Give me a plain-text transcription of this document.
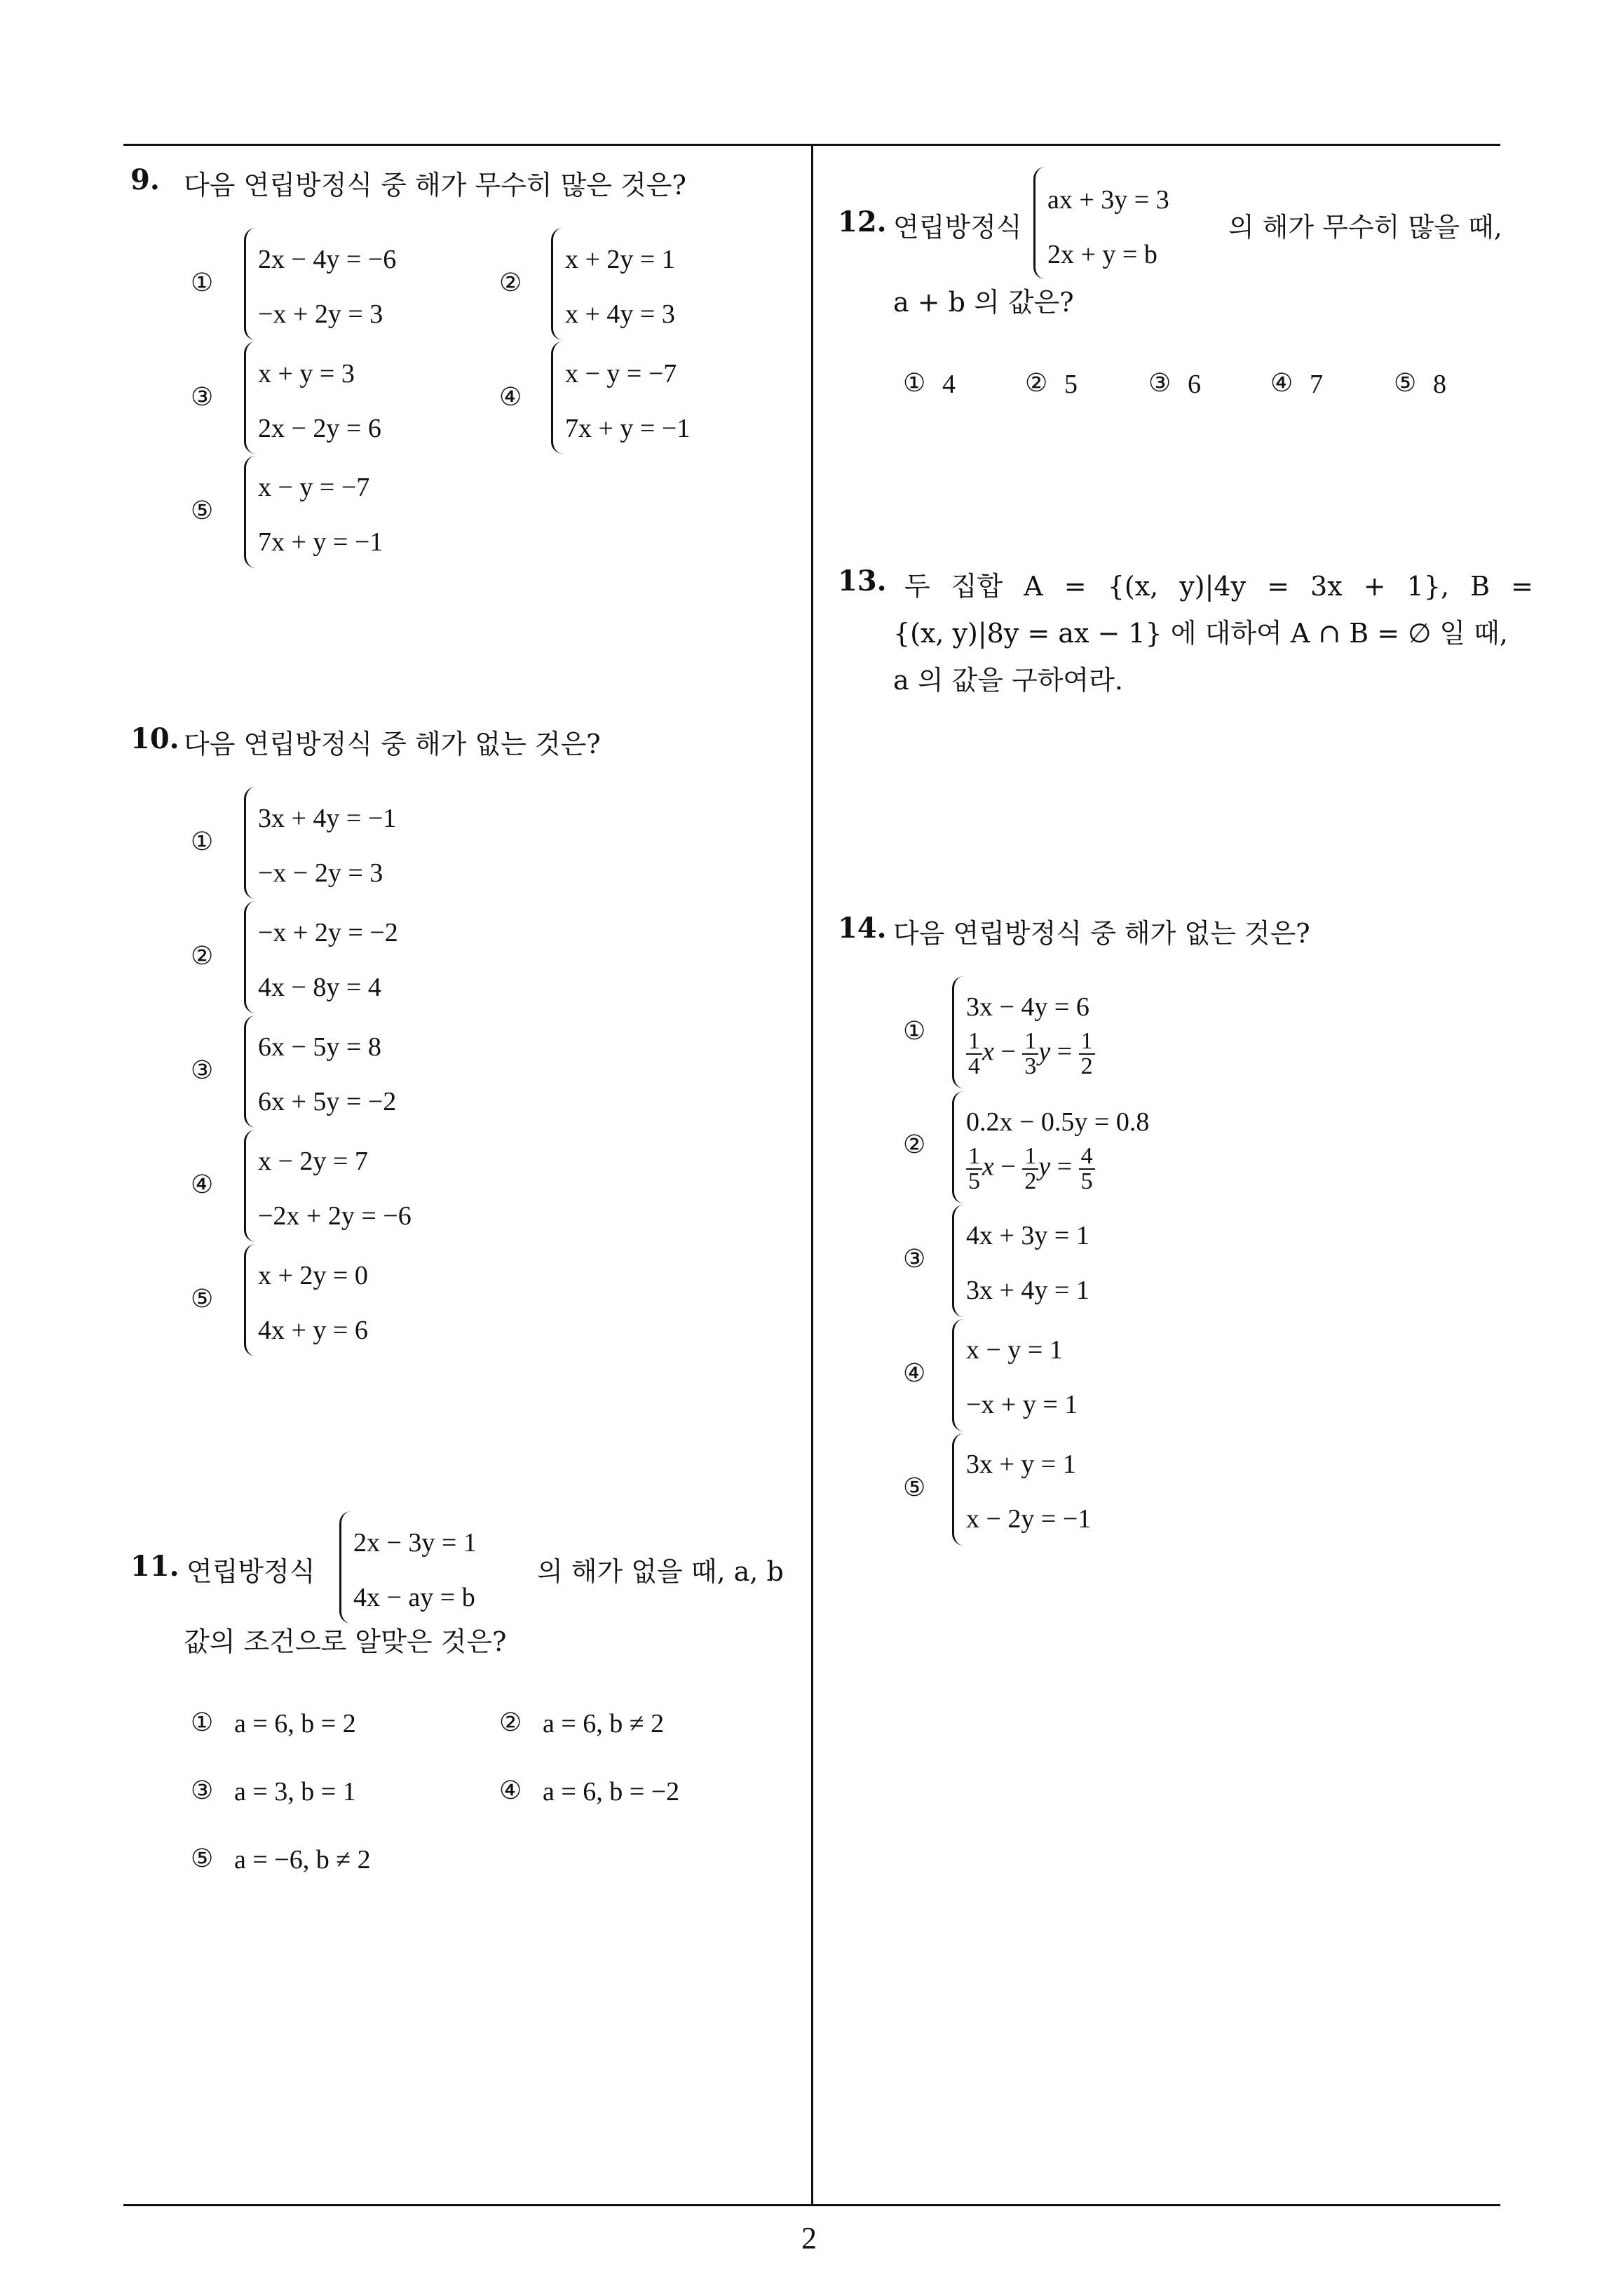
2
9. 다음 연립방정식 중 해가 무수히 많은 것은?
①
2x − 4y = −6
−x + 2y = 3
②
x + 2y = 1
x + 4y = 3
③
x + y = 3
2x − 2y = 6
④
x − y = −7
7x + y = −1
⑤
x − y = −7
7x + y = −1
10. 다음 연립방정식 중 해가 없는 것은?
①
3x + 4y = −1
−x − 2y = 3
②
−x + 2y = −2
4x − 8y = 4
③
6x − 5y = 8
6x + 5y = −2
④
x − 2y = 7
−2x + 2y = −6
⑤
x + 2y = 0
4x + y = 6
11. 연립방정식
2x − 3y = 1
4x − ay = b
의 해가 없을 때, a, b
값의 조건으로 알맞은 것은?
① a = 6, b = 2	② a = 6, b ≠ 2
③ a = 3, b = 1	④ a = 6, b = −2
⑤ a = −6, b ≠ 2
12. 연립방정식
ax + 3y = 3
2x + y = b
의 해가 무수히 많을 때,
a + b 의 값은?
① 4	② 5	③ 6	④ 7	⑤ 8
13. 두 집합 A = {(x, y)|4y = 3x + 1}, B =
{(x, y)|8y = ax − 1} 에 대하여 A ∩ B = ∅ 일 때,
a 의 값을 구하여라.
14. 다음 연립방정식 중 해가 없는 것은?
①
3x − 4y = 6
$\frac{1}{4}$ $x - \frac{1}{3}$ $y = \frac{1}{2}$
②
0.2x − 0.5y = 0.8
$\frac{1}{5}$ $x - \frac{1}{2}$ $y = \frac{4}{5}$
③
4x + 3y = 1
3x + 4y = 1
④
x − y = 1
−x + y = 1
⑤
3x + y = 1
x − 2y = −1
